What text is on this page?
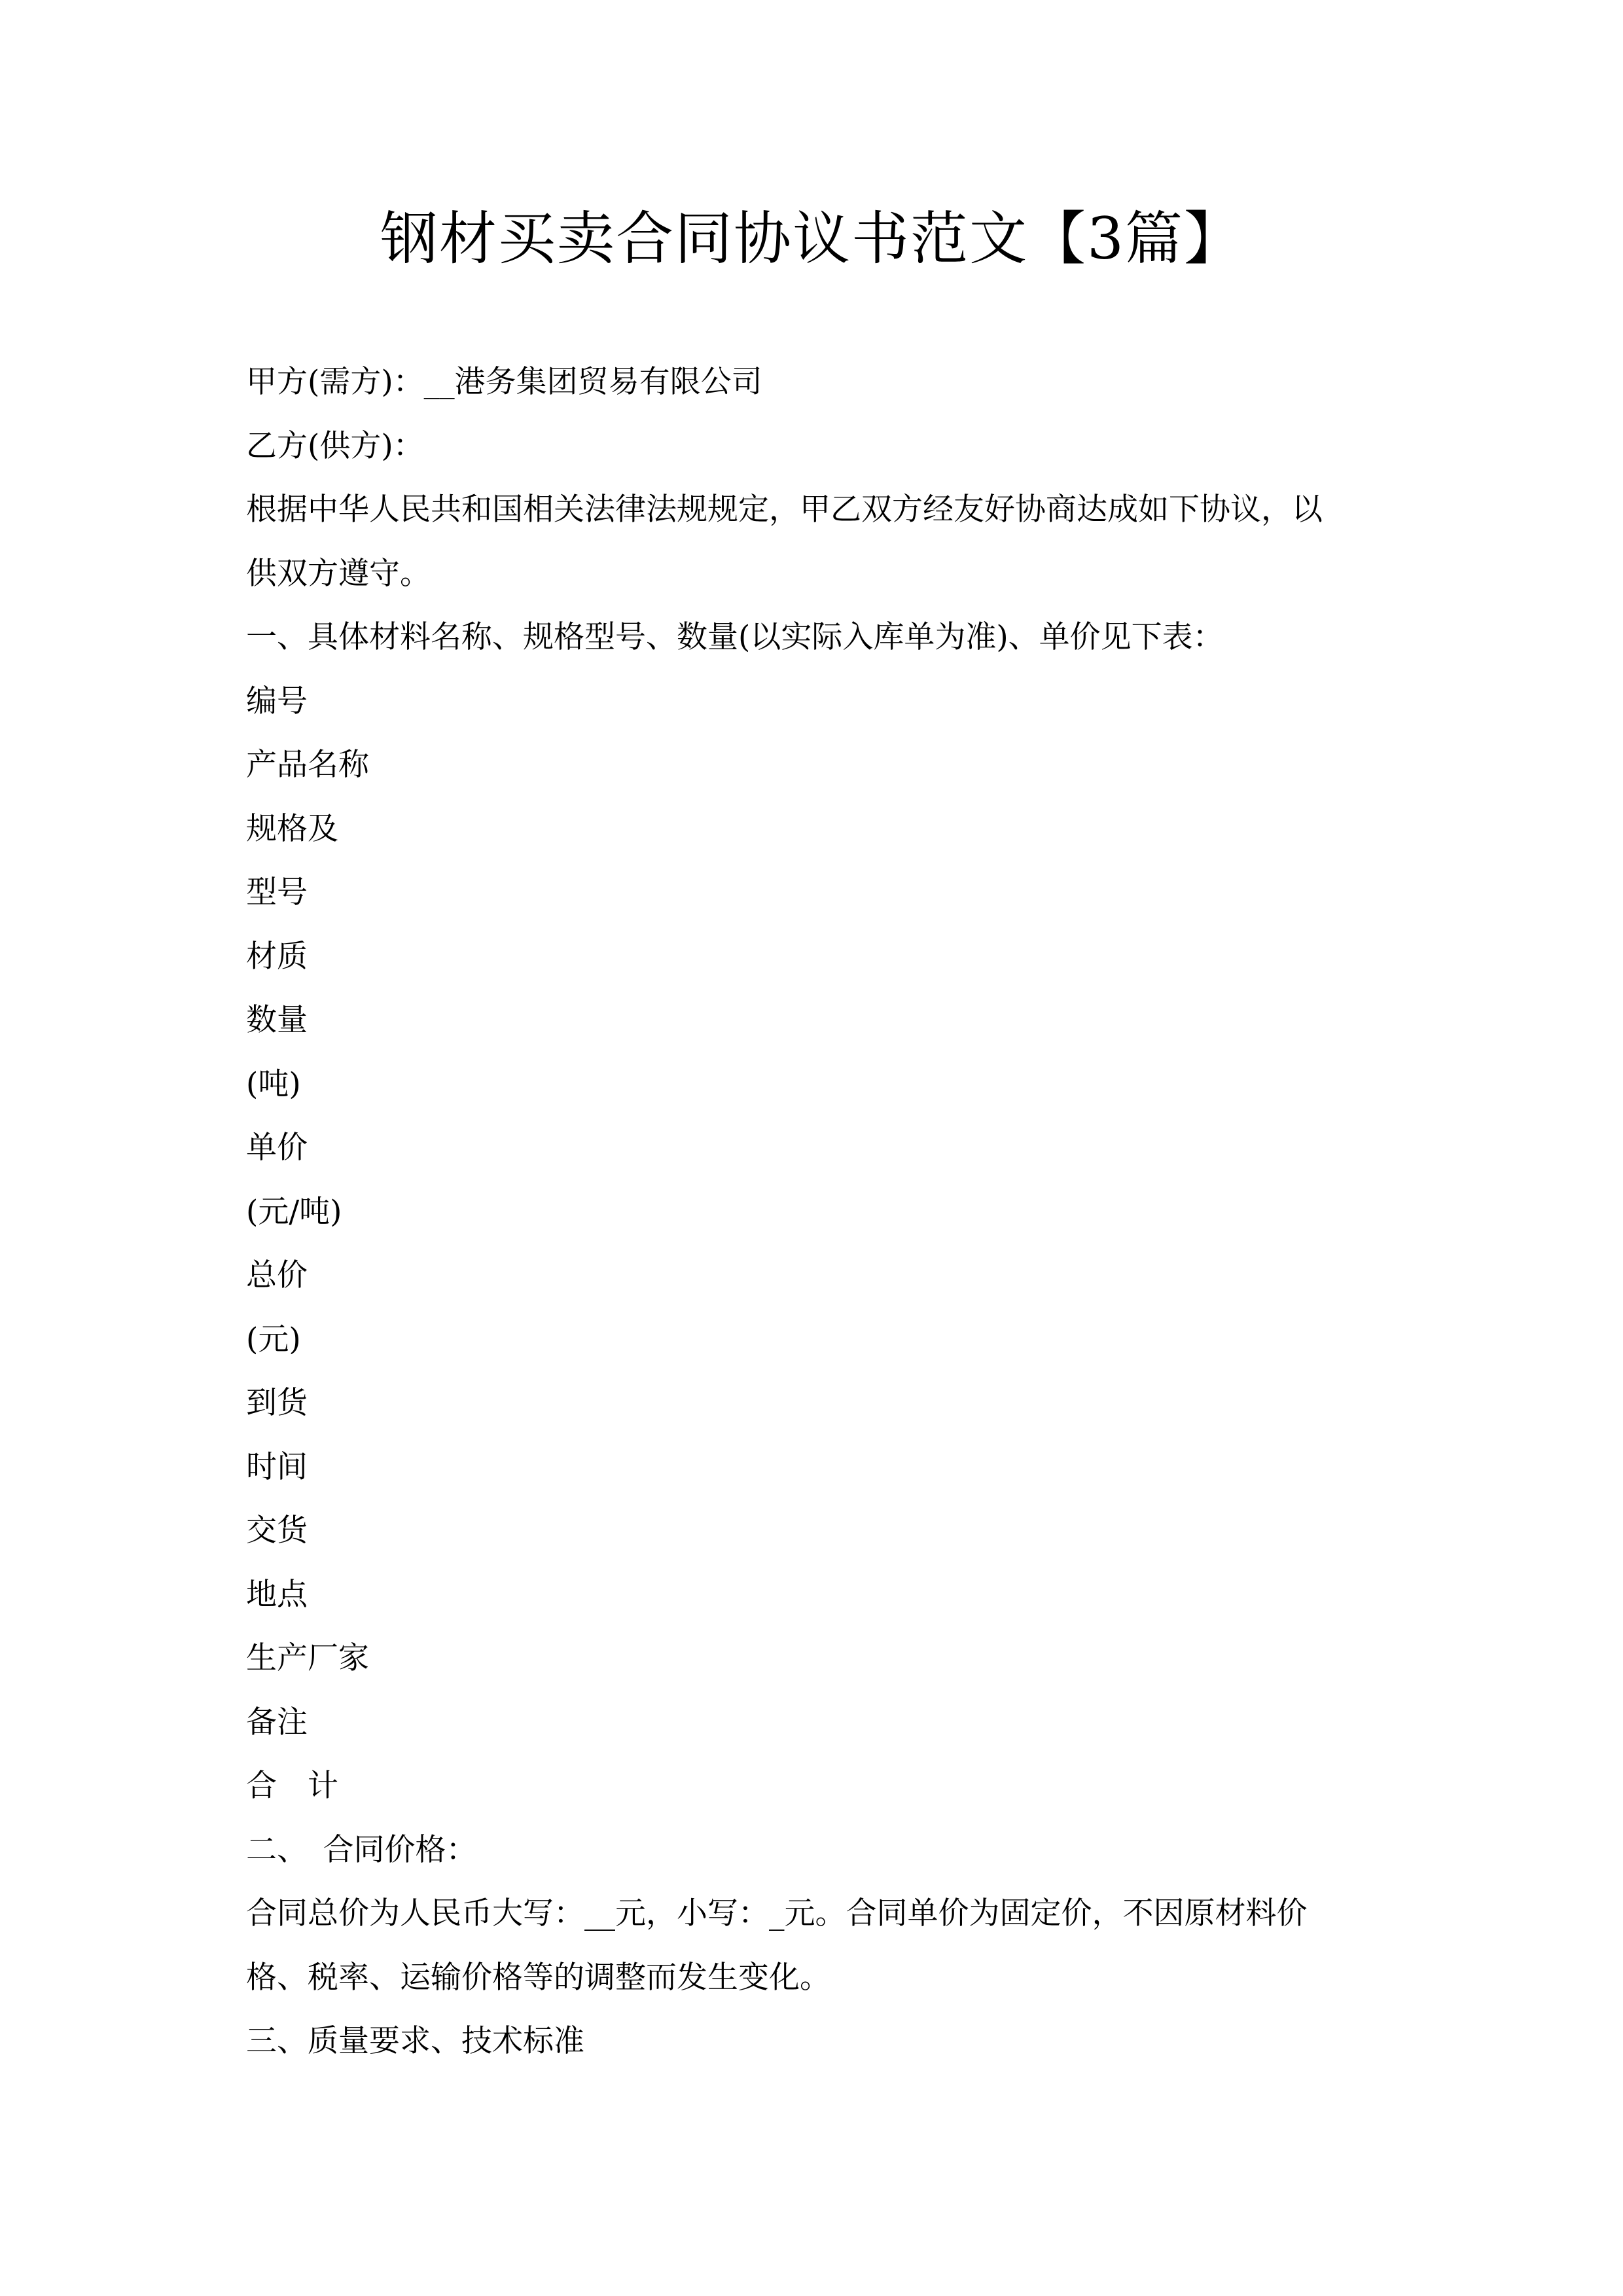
钢材买卖合同协议书范文【3篇】

甲方(需方)：__港务集团贸易有限公司

乙方(供方)：

根据中华人民共和国相关法律法规规定，甲乙双方经友好协商达成如下协议，以

供双方遵守。

一、具体材料名称、规格型号、数量(以实际入库单为准)、单价见下表：

编号

产品名称

规格及

型号

材质

数量

(吨)

单价

(元/吨)

总价

(元)

到货

时间

交货

地点

生产厂家

备注

合　计

二、　合同价格：

合同总价为人民币大写：__元，小写：_元。合同单价为固定价，不因原材料价

格、税率、运输价格等的调整而发生变化。

三、质量要求、技术标准
